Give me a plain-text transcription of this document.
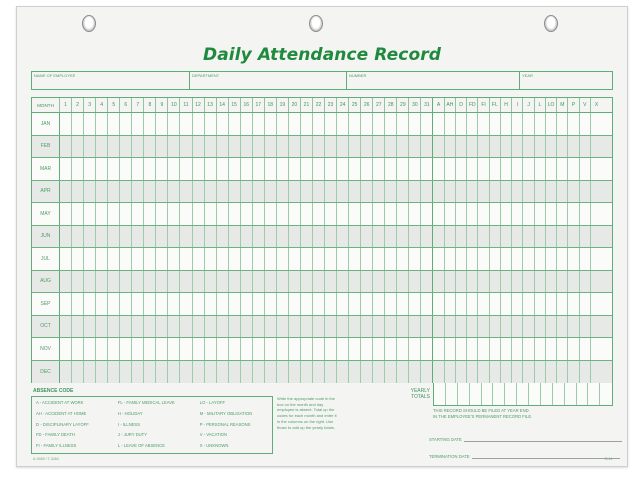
Daily Attendance Record
NAME OF EMPLOYEE	DEPARTMENT	NUMBER	YEAR
MONTH	1	2	3	4	5	6	7	8	9	10	11	12	13	14	15	16	17	18	19	20	21	22	23	24	25	26	27	28	29	30	31	A	AH	D	FD	FI	FL	H	I	J	L	LO	M	P	V	X
JAN
FEB
MAR
APR
MAY
JUN
JUL
AUG
SEP
OCT
NOV
DEC
YEARLY
TOTALS
ABSENCE CODE
A - ACCIDENT AT WORK
AH - ACCIDENT AT HOME
D - DISCIPLINARY LAYOFF
FD - FAMILY DEATH
FI - FAMILY ILLNESS
FL - FAMILY MEDICAL LEAVE
H - HOLIDAY
I - ILLNESS
J - JURY DUTY
L - LEAVE OF ABSENCE
LO - LAYOFF
M - MILITARY OBLIGATION
P - PERSONAL REASONS
V - VACATION
X - UNKNOWN
Write the appropriate code in the box on the month and day employee is absent. Total up the codes for each month and enter it in the columns on the right. Use those to add up the yearly totals.
THIS RECORD SHOULD BE FILED AT YEAR END
IN THE EMPLOYEE'S PERMANENT RECORD FILE.
STARTING DATE
TERMINATION DATE
A-9465 / T-3284	D-11
